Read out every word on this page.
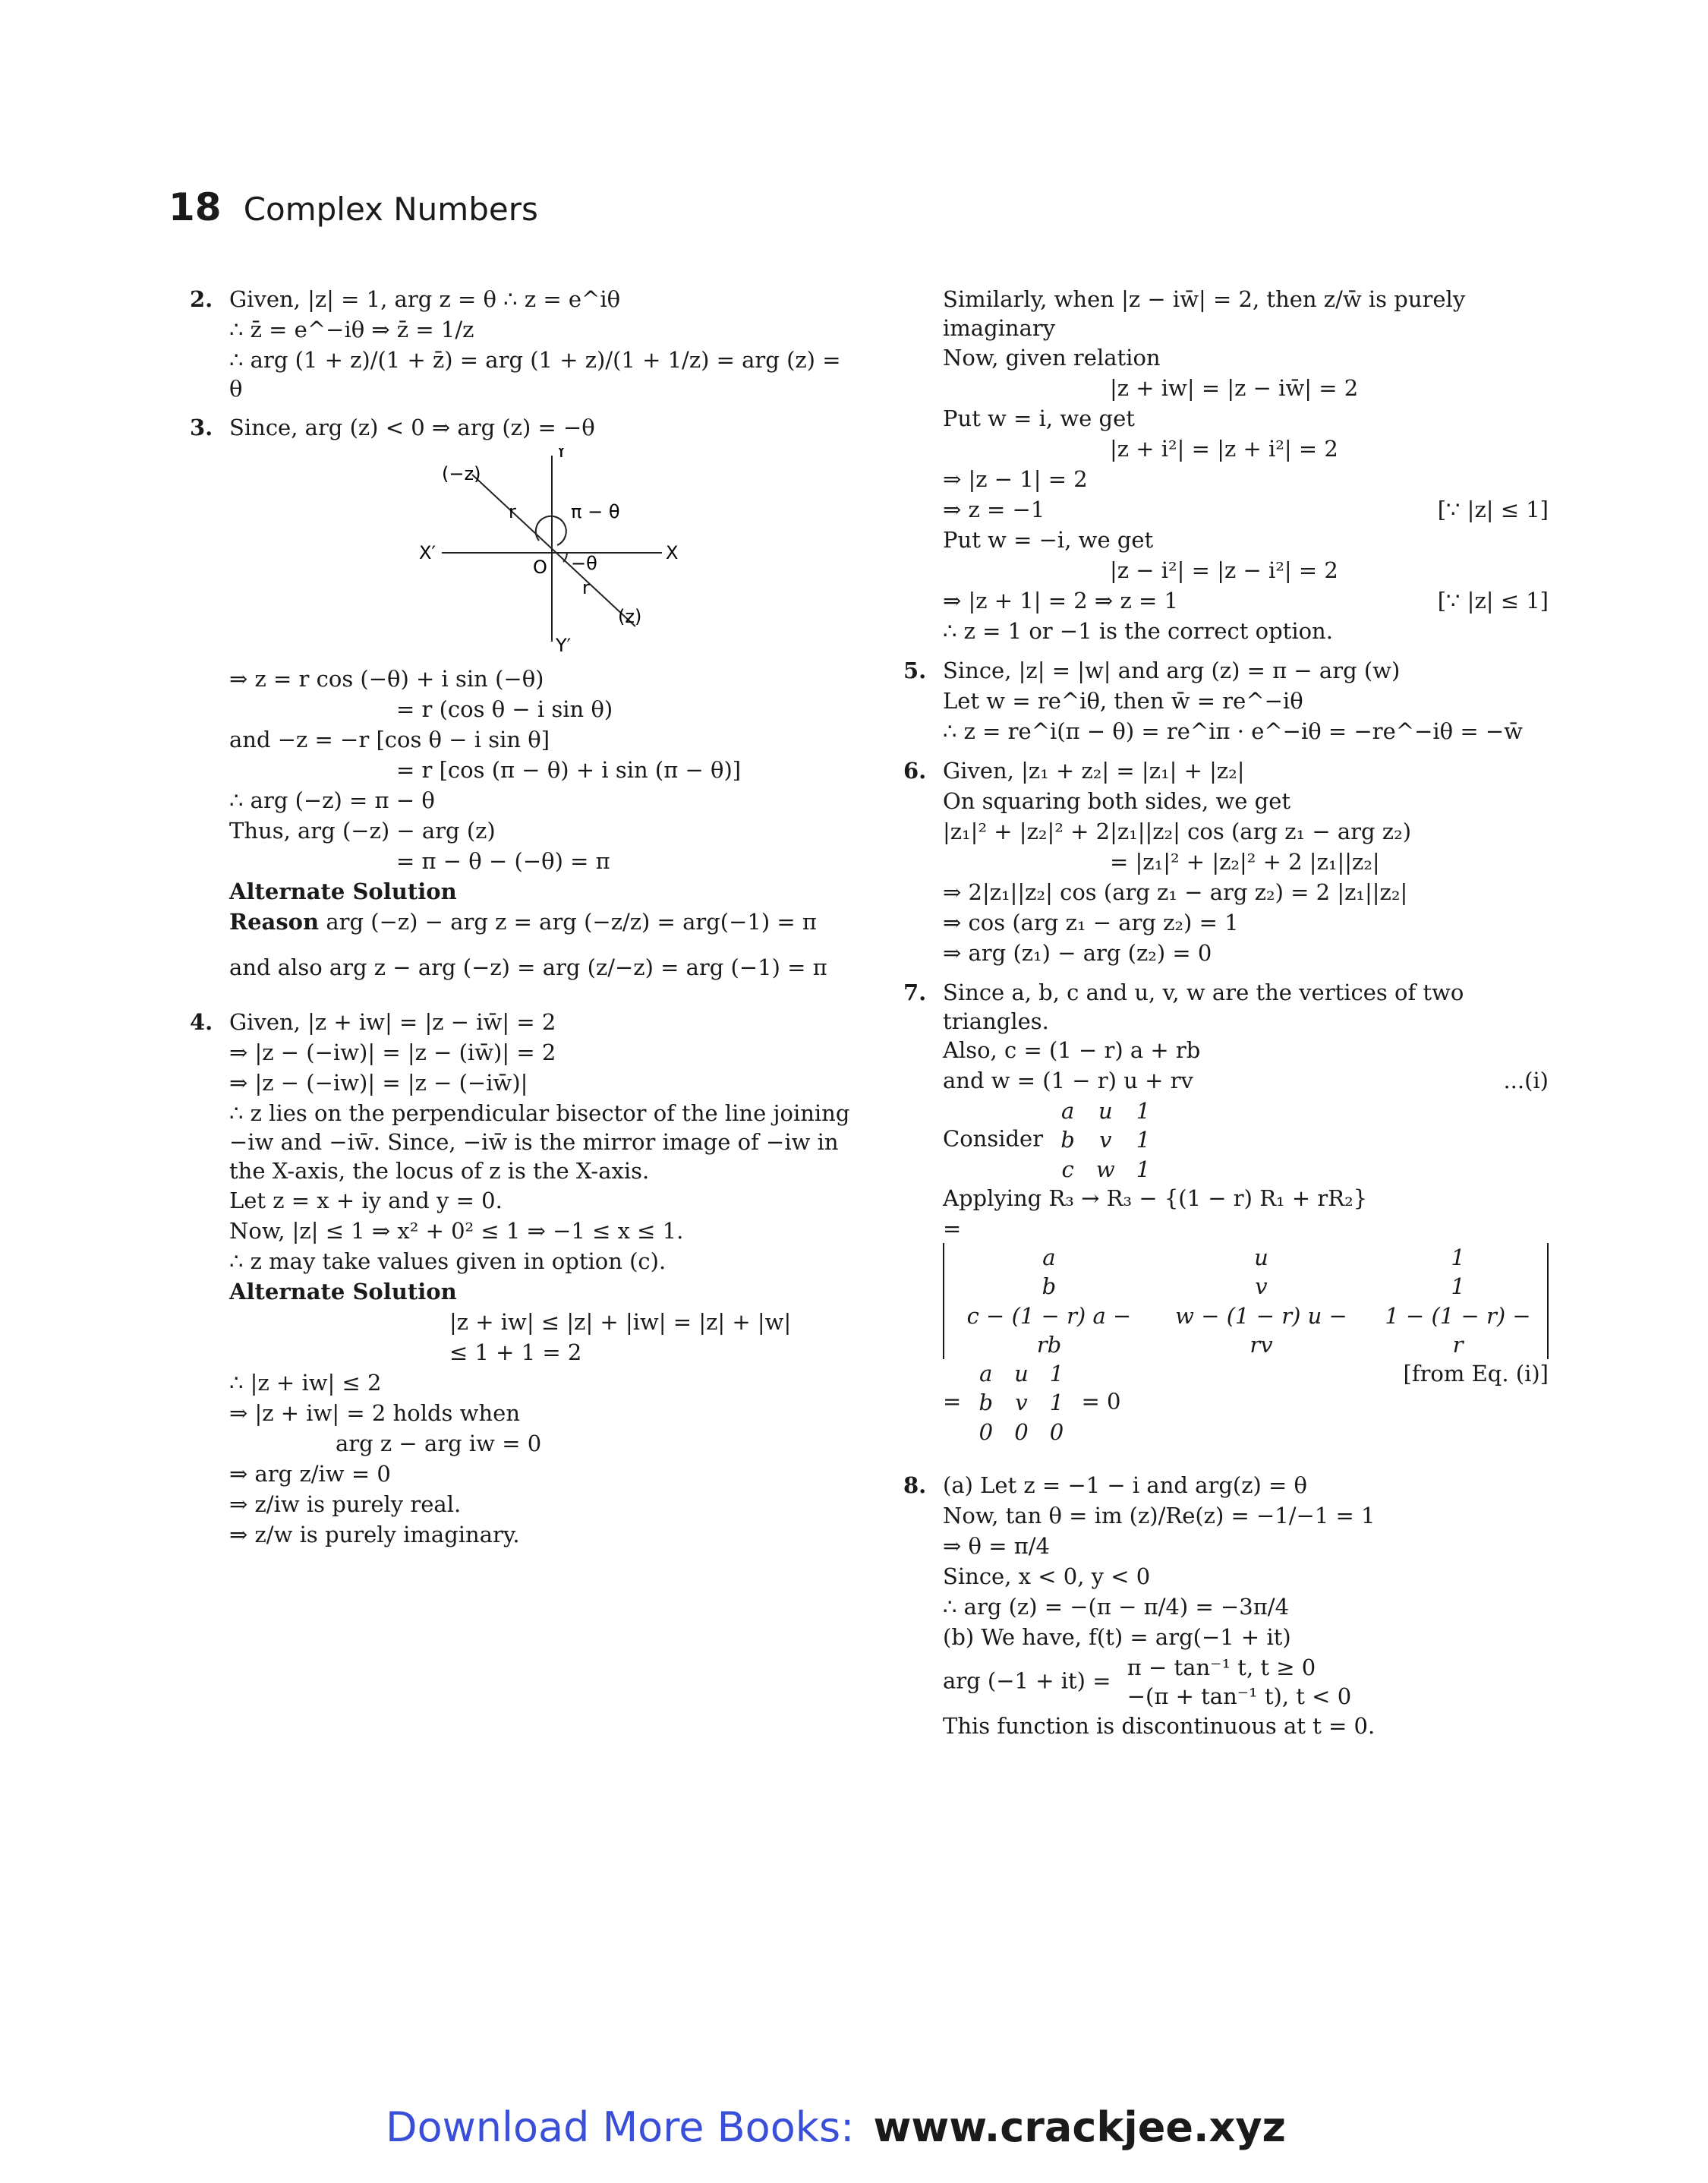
18 Complex Numbers
2. Given, |z| = 1, arg z = θ ∴ z = e^iθ
∴ z̄ = e^−iθ ⇒ z̄ = 1/z
∴ arg (1 + z)/(1 + z̄) = arg (1 + z)/(1 + 1/z) = arg (z) = θ
3. Since, arg (z) < 0 ⇒ arg (z) = −θ
Y
Y′
X
X′
O
(−z)
(z)
r
r
π − θ
−θ
⇒ z = r cos (−θ) + i sin (−θ)
= r (cos θ − i sin θ)
and −z = −r [cos θ − i sin θ]
= r [cos (π − θ) + i sin (π − θ)]
∴ arg (−z) = π − θ
Thus, arg (−z) − arg (z)
= π − θ − (−θ) = π
Alternate Solution
Reason arg (−z) − arg z = arg (−z/z) = arg(−1) = π
and also arg z − arg (−z) = arg (z/−z) = arg (−1) = π
4. Given, |z + iw| = |z − iw̄| = 2
⇒ |z − (−iw)| = |z − (iw̄)| = 2
⇒ |z − (−iw)| = |z − (−iw̄)|
∴ z lies on the perpendicular bisector of the line joining −iw and −iw̄. Since, −iw̄ is the mirror image of −iw in the X-axis, the locus of z is the X-axis.
Let z = x + iy and y = 0.
Now, |z| ≤ 1 ⇒ x² + 0² ≤ 1 ⇒ −1 ≤ x ≤ 1.
∴ z may take values given in option (c).
Alternate Solution
|z + iw| ≤ |z| + |iw| = |z| + |w|
≤ 1 + 1 = 2
∴ |z + iw| ≤ 2
⇒ |z + iw| = 2 holds when
arg z − arg iw = 0
⇒ arg z/iw = 0
⇒ z/iw is purely real.
⇒ z/w is purely imaginary.
Similarly, when |z − iw̄| = 2, then z/w̄ is purely imaginary
Now, given relation
|z + iw| = |z − iw̄| = 2
Put w = i, we get
|z + i²| = |z + i²| = 2
⇒ |z − 1| = 2
⇒ z = −1	[∵ |z| ≤ 1]
Put w = −i, we get
|z − i²| = |z − i²| = 2
⇒ |z + 1| = 2 ⇒ z = 1	[∵ |z| ≤ 1]
∴ z = 1 or −1 is the correct option.
5. Since, |z| = |w| and arg (z) = π − arg (w)
Let w = re^iθ, then w̄ = re^−iθ
∴ z = re^i(π − θ) = re^iπ · e^−iθ = −re^−iθ = −w̄
6. Given, |z₁ + z₂| = |z₁| + |z₂|
On squaring both sides, we get
|z₁|² + |z₂|² + 2|z₁||z₂| cos (arg z₁ − arg z₂)
= |z₁|² + |z₂|² + 2 |z₁||z₂|
⇒ 2|z₁||z₂| cos (arg z₁ − arg z₂) = 2 |z₁||z₂|
⇒ cos (arg z₁ − arg z₂) = 1
⇒ arg (z₁) − arg (z₂) = 0
7. Since a, b, c and u, v, w are the vertices of two triangles.
Also, c = (1 − r) a + rb
and w = (1 − r) u + rv	...(i)
Consider
a	u	1
b	v	1
c	w	1
Applying R₃ → R₃ − {(1 − r) R₁ + rR₂}
=
a	u	1
b	v	1
c − (1 − r) a − rb	w − (1 − r) u − rv	1 − (1 − r) − r
=
a	u	1
b	v	1
0	0	0
= 0
[from Eq. (i)]
8. (a) Let z = −1 − i and arg(z) = θ
Now, tan θ = im (z)/Re(z) = −1/−1 = 1
⇒ θ = π/4
Since, x < 0, y < 0
∴ arg (z) = −(π − π/4) = −3π/4
(b) We have, f(t) = arg(−1 + it)
arg (−1 + it) =
π − tan⁻¹ t, t ≥ 0
−(π + tan⁻¹ t), t < 0
This function is discontinuous at t = 0.
Download More Books: www.crackjee.xyz
